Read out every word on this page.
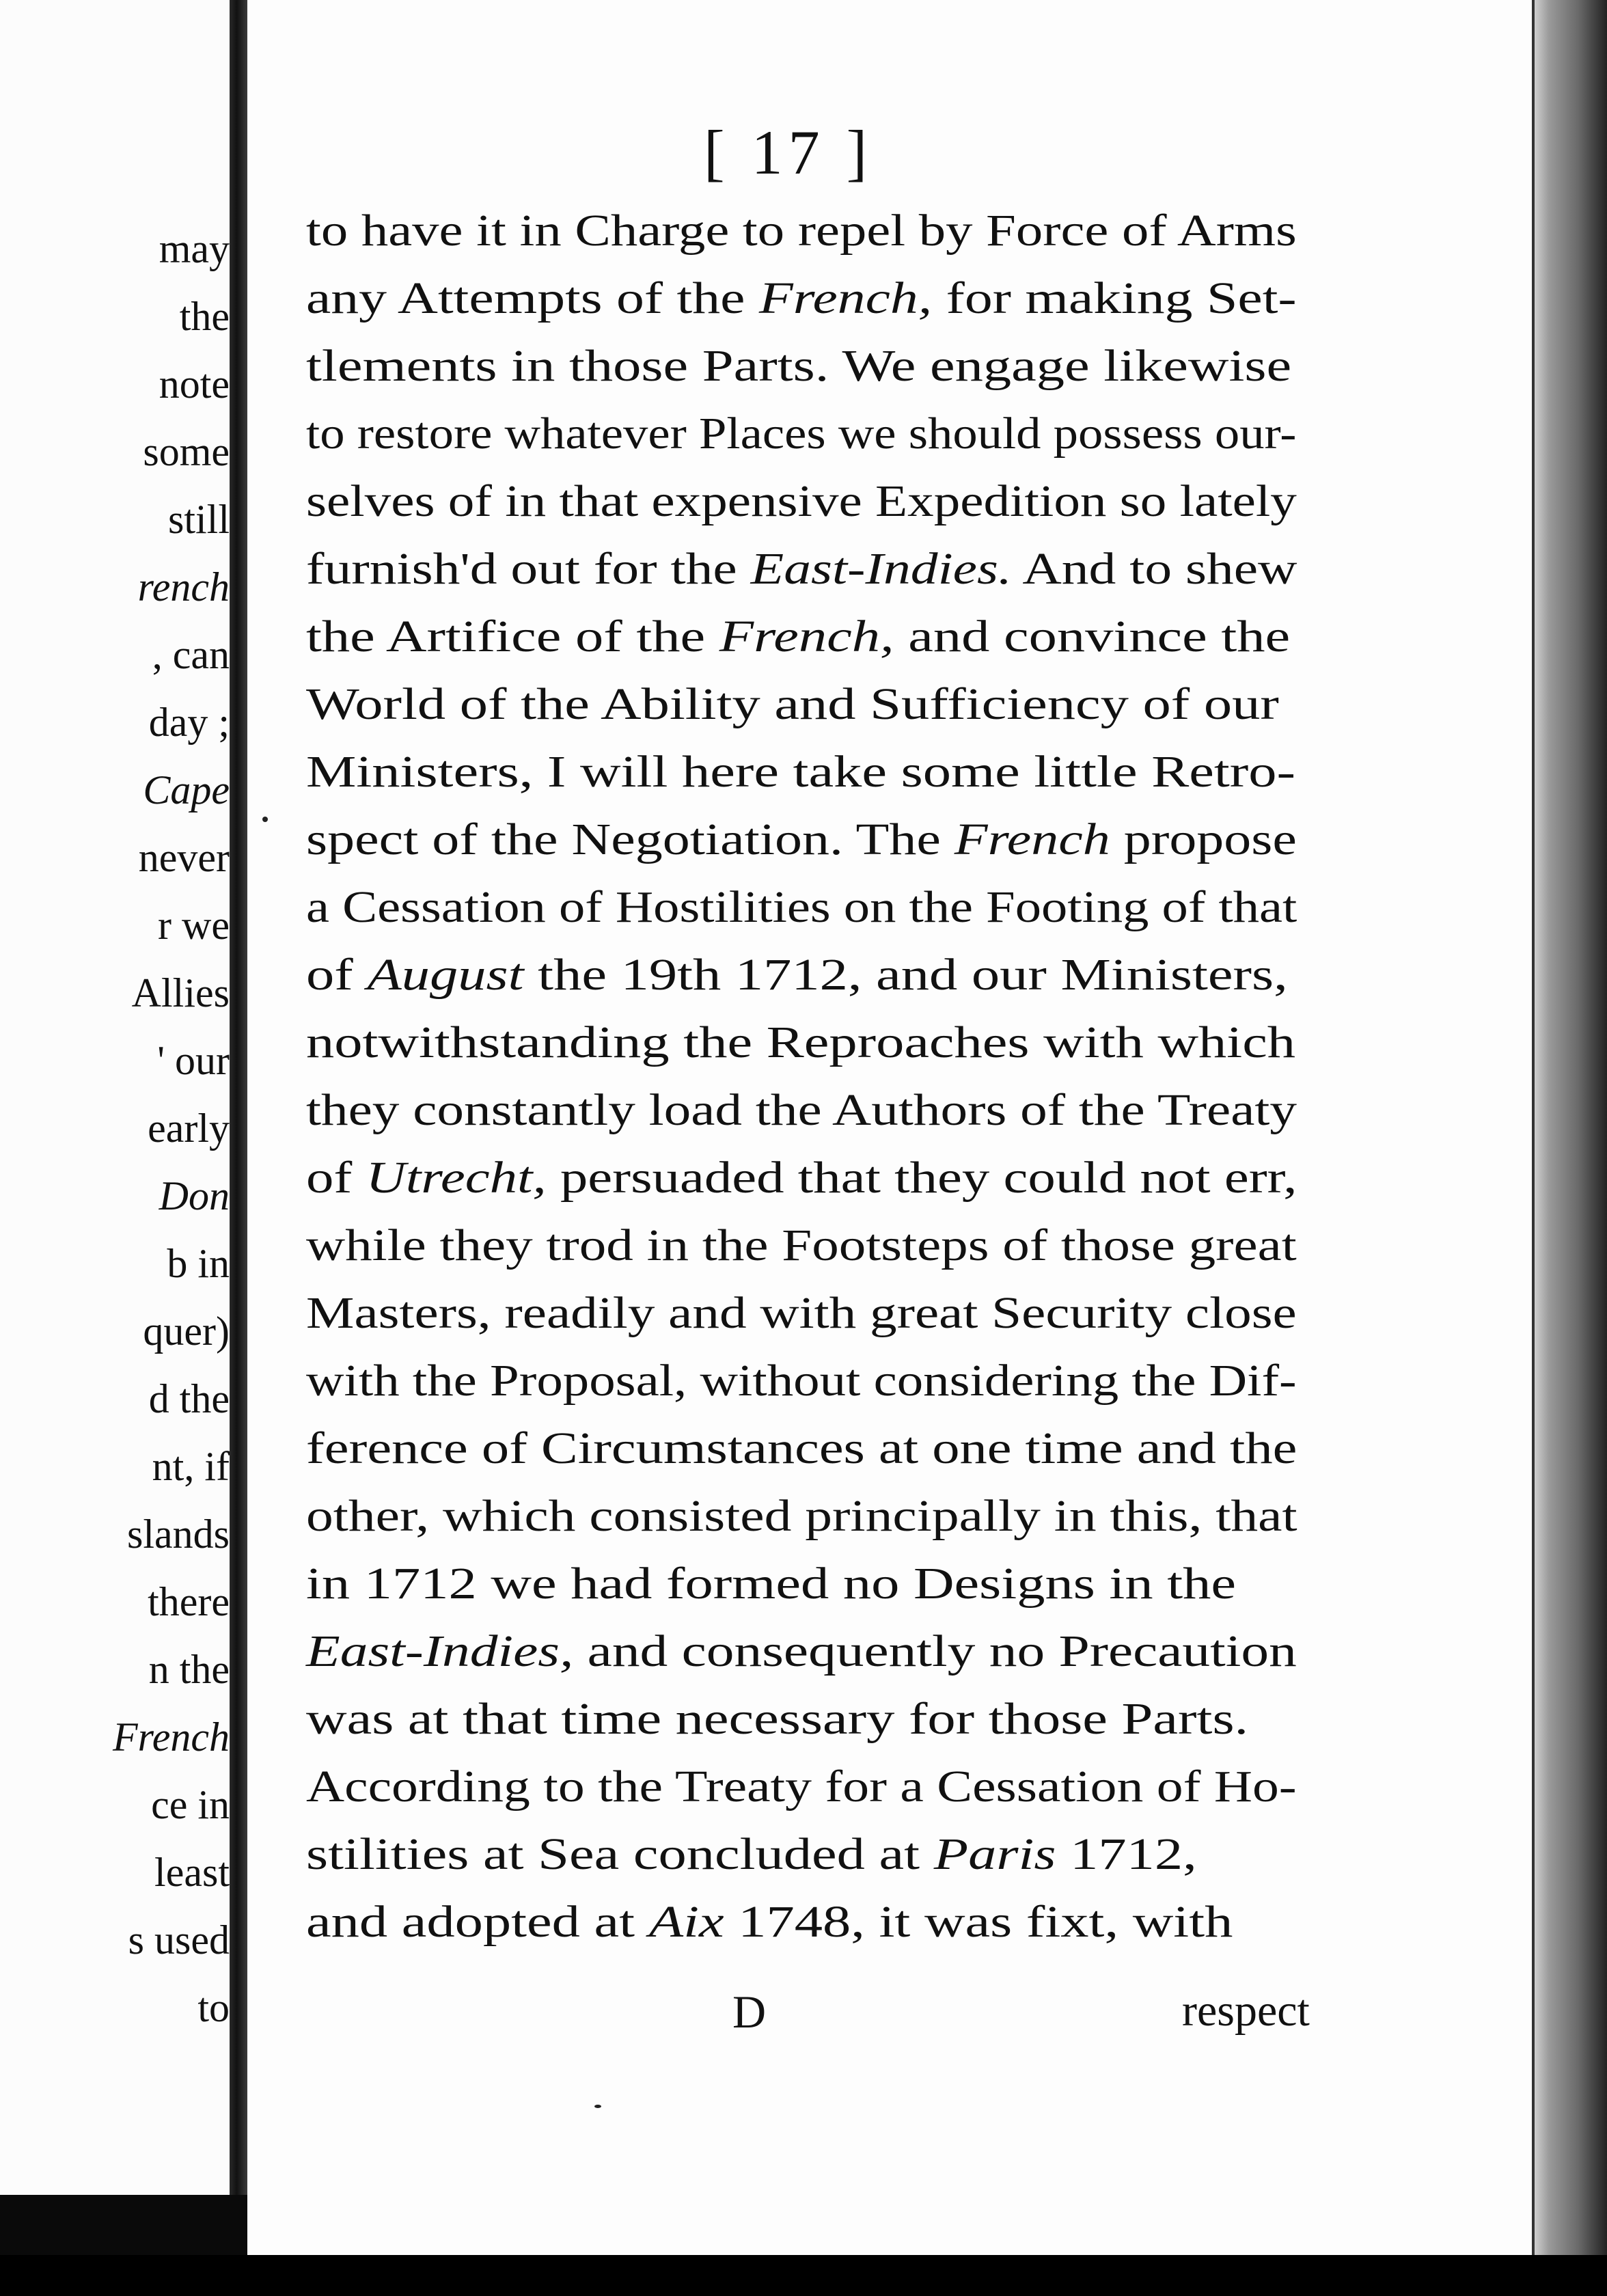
may
the
note
some
still
rench
, can
day ;
Cape
never
r we
Allies
' our
early
Don
b in
quer)
d the
nt, if
slands
there
n the
French
ce in
least
s used
to
[ 17 ]
to have it in Charge to repel by Force of Arms
any Attempts of the French, for making Set-
tlements in those Parts. We engage likewise
to restore whatever Places we should possess our-
selves of in that expensive Expedition so lately
furnish'd out for the East-Indies. And to shew
the Artifice of the French, and convince the
World of the Ability and Sufficiency of our
Ministers, I will here take some little Retro-
spect of the Negotiation. The French propose
a Cessation of Hostilities on the Footing of that
of August the 19th 1712, and our Ministers,
notwithstanding the Reproaches with which
they constantly load the Authors of the Treaty
of Utrecht, persuaded that they could not err,
while they trod in the Footsteps of those great
Masters, readily and with great Security close
with the Proposal, without considering the Dif-
ference of Circumstances at one time and the
other, which consisted principally in this, that
in 1712 we had formed no Designs in the
East-Indies, and consequently no Precaution
was at that time necessary for those Parts.
According to the Treaty for a Cessation of Ho-
stilities at Sea concluded at Paris 1712,
and adopted at Aix 1748, it was fixt, with
D	respect
